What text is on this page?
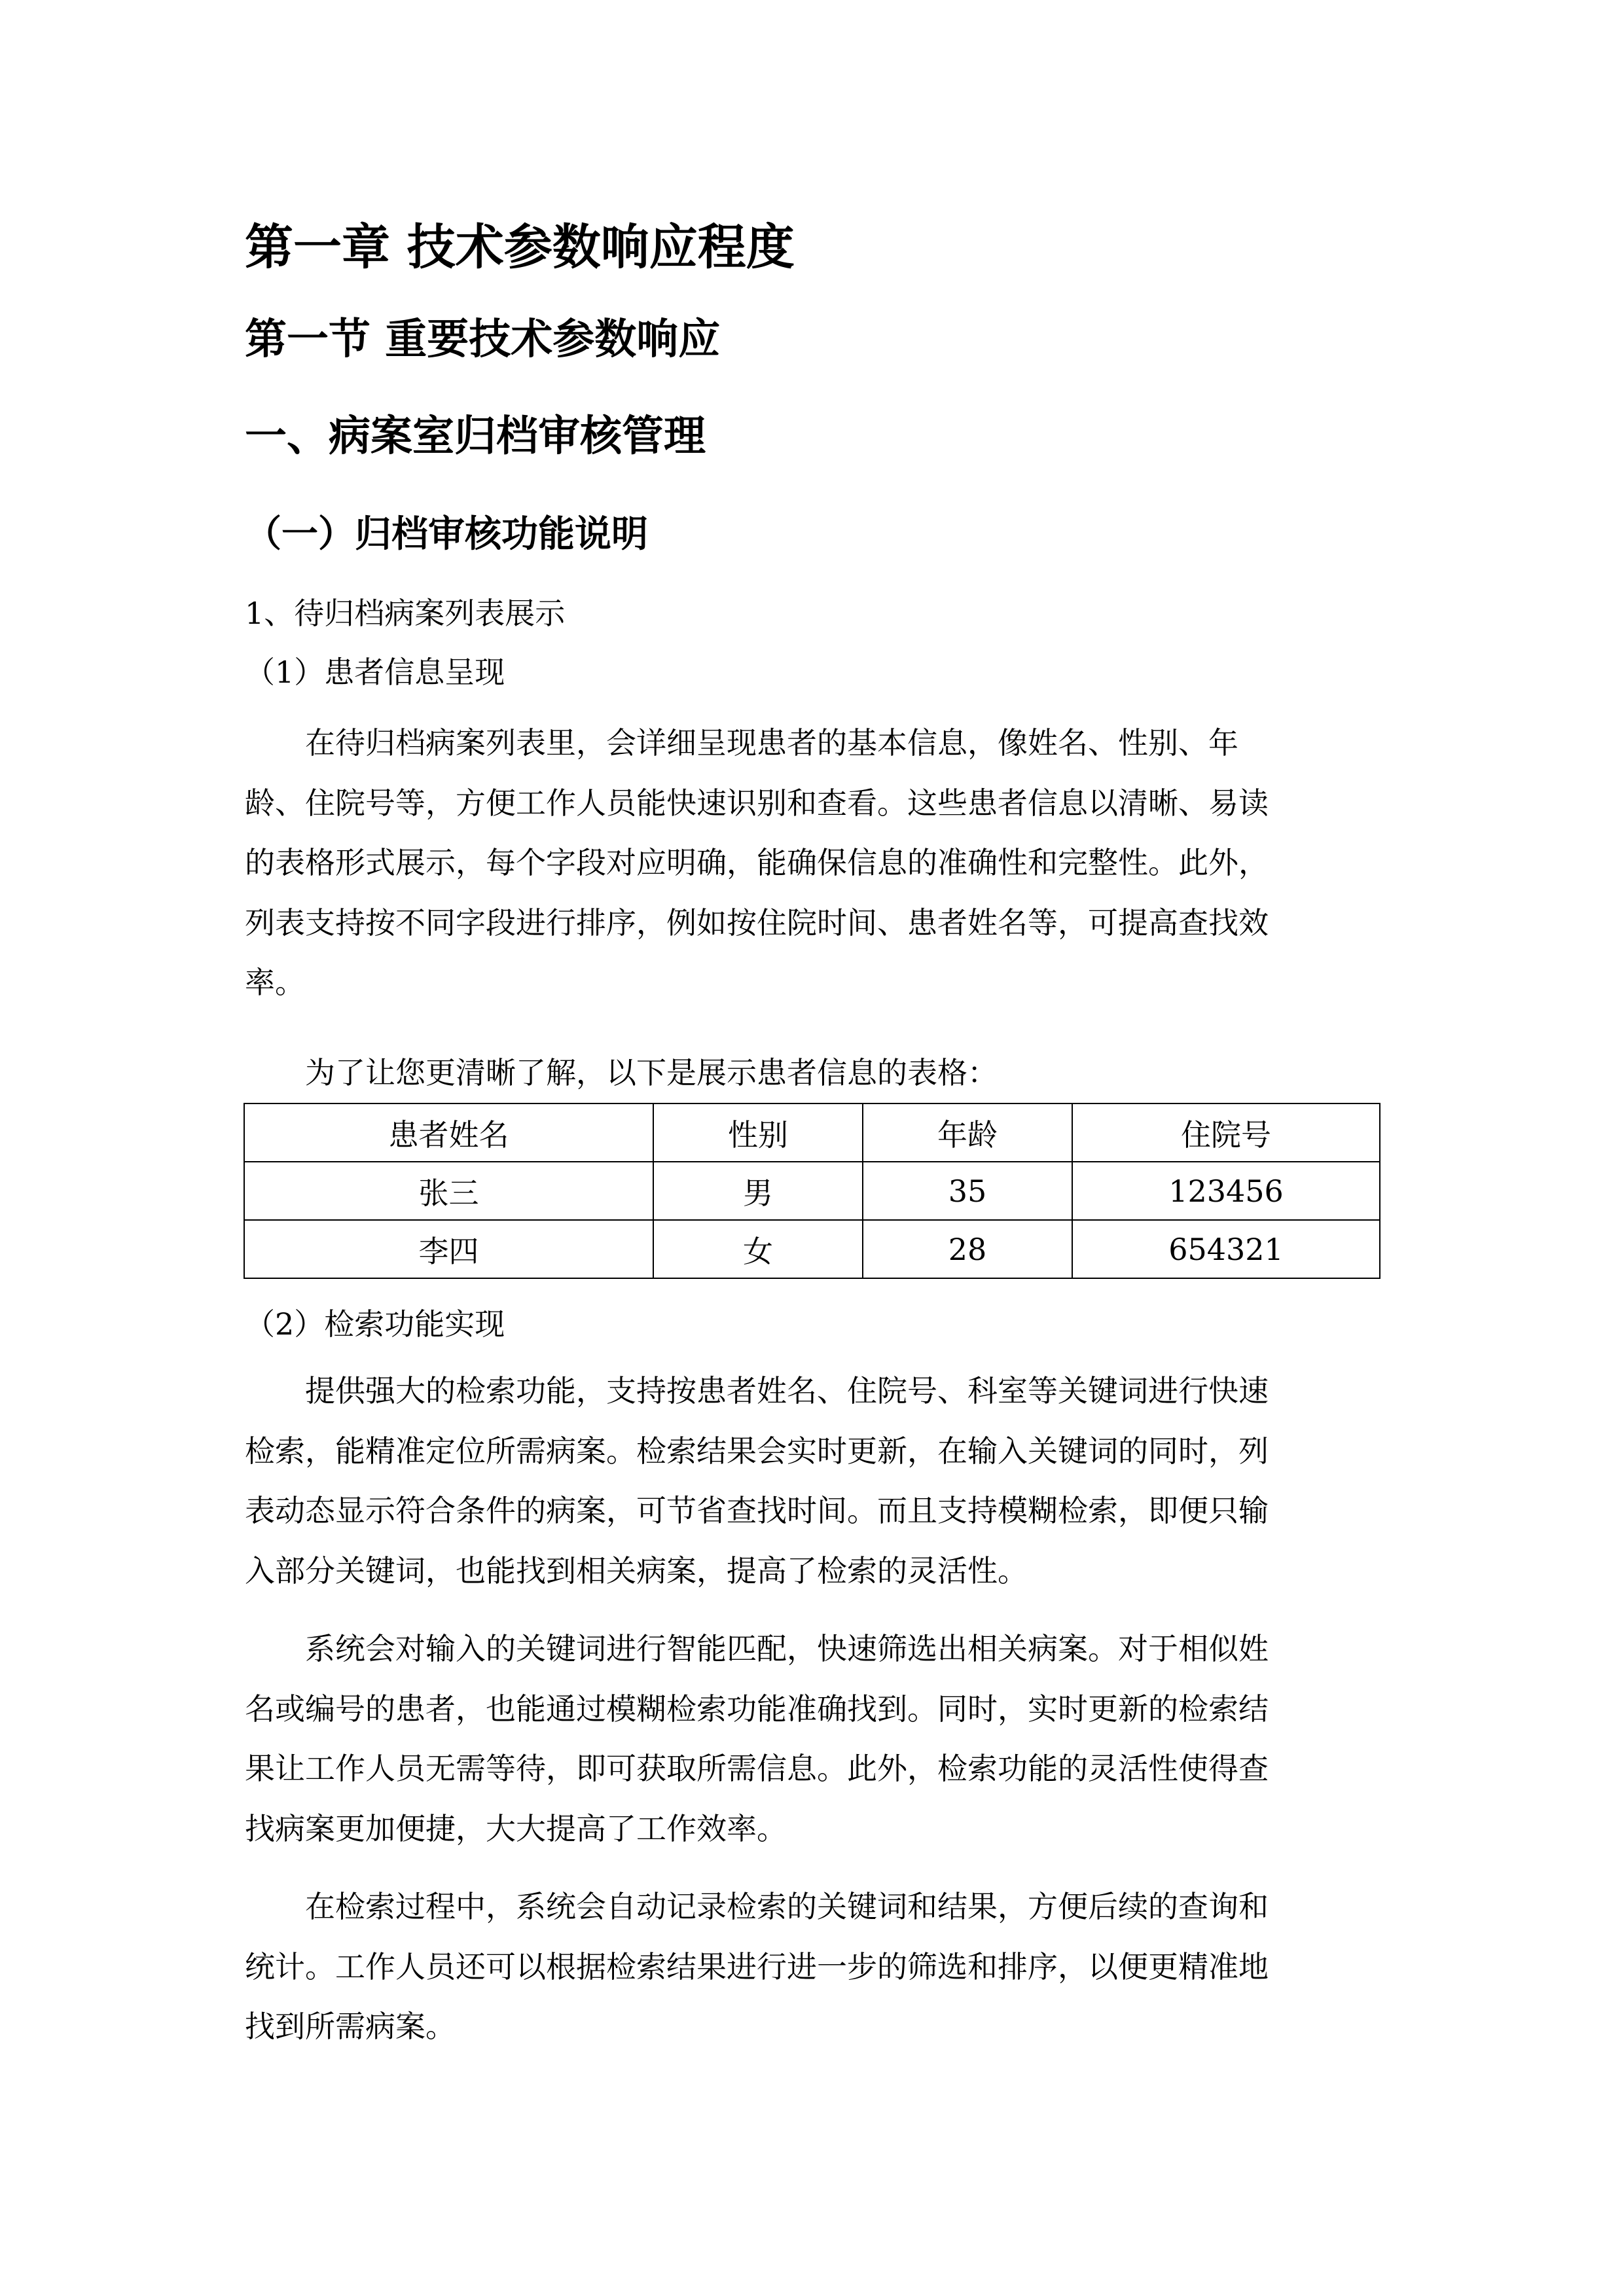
第一章 技术参数响应程度
第一节 重要技术参数响应
一、病案室归档审核管理
（一）归档审核功能说明
1、待归档病案列表展示
（1）患者信息呈现
在待归档病案列表里，会详细呈现患者的基本信息，像姓名、性别、年
龄、住院号等，方便工作人员能快速识别和查看。这些患者信息以清晰、易读
的表格形式展示，每个字段对应明确，能确保信息的准确性和完整性。此外，
列表支持按不同字段进行排序，例如按住院时间、患者姓名等，可提高查找效
率。
为了让您更清晰了解，以下是展示患者信息的表格：
患者姓名	性别	年龄	住院号
张三	男	35	123456
李四	女	28	654321
（2）检索功能实现
提供强大的检索功能，支持按患者姓名、住院号、科室等关键词进行快速
检索，能精准定位所需病案。检索结果会实时更新，在输入关键词的同时，列
表动态显示符合条件的病案，可节省查找时间。而且支持模糊检索，即便只输
入部分关键词，也能找到相关病案，提高了检索的灵活性。
系统会对输入的关键词进行智能匹配，快速筛选出相关病案。对于相似姓
名或编号的患者，也能通过模糊检索功能准确找到。同时，实时更新的检索结
果让工作人员无需等待，即可获取所需信息。此外，检索功能的灵活性使得查
找病案更加便捷，大大提高了工作效率。
在检索过程中，系统会自动记录检索的关键词和结果，方便后续的查询和
统计。工作人员还可以根据检索结果进行进一步的筛选和排序，以便更精准地
找到所需病案。
